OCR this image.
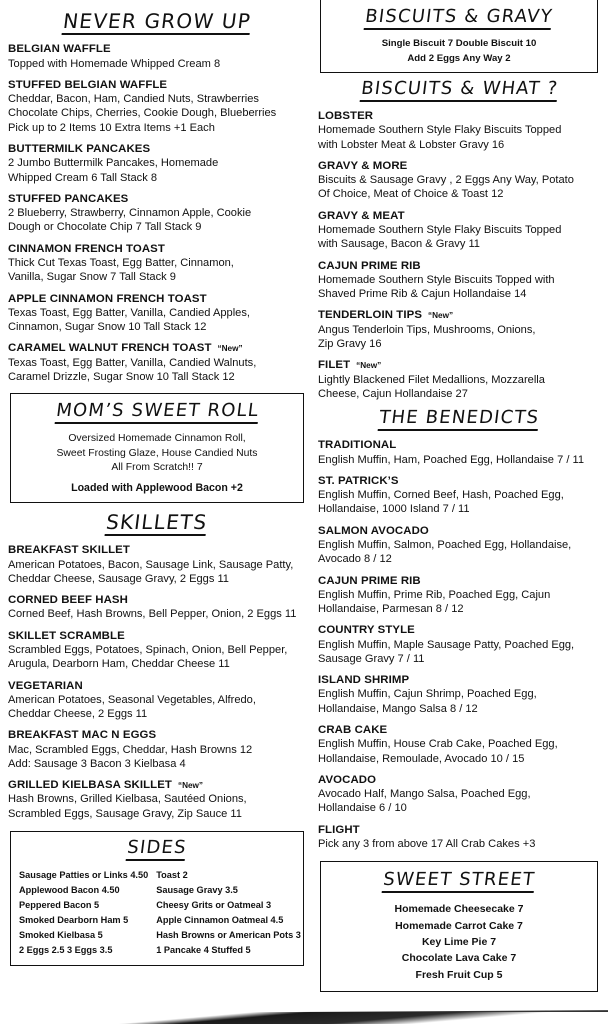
NEVER GROW UP
BELGIAN WAFFLE
Topped with Homemade Whipped Cream 8
STUFFED BELGIAN WAFFLE
Cheddar, Bacon, Ham, Candied Nuts, Strawberries
Chocolate Chips, Cherries, Cookie Dough, Blueberries
Pick up to 2 Items 10 Extra Items +1 Each
BUTTERMILK PANCAKES
2 Jumbo Buttermilk Pancakes, Homemade
Whipped Cream 6 Tall Stack 8
STUFFED PANCAKES
2 Blueberry, Strawberry, Cinnamon Apple, Cookie
Dough or Chocolate Chip 7 Tall Stack 9
CINNAMON FRENCH TOAST
Thick Cut Texas Toast, Egg Batter, Cinnamon,
Vanilla, Sugar Snow 7 Tall Stack 9
APPLE CINNAMON FRENCH TOAST
Texas Toast, Egg Batter, Vanilla, Candied Apples,
Cinnamon, Sugar Snow 10 Tall Stack 12
CARAMEL WALNUT FRENCH TOAST “New”
Texas Toast, Egg Batter, Vanilla, Candied Walnuts,
Caramel Drizzle, Sugar Snow 10 Tall Stack 12
MOM’S SWEET ROLL
Oversized Homemade Cinnamon Roll,
Sweet Frosting Glaze, House Candied Nuts
All From Scratch!! 7
Loaded with Applewood Bacon +2
SKILLETS
BREAKFAST SKILLET
American Potatoes, Bacon, Sausage Link, Sausage Patty,
Cheddar Cheese, Sausage Gravy, 2 Eggs 11
CORNED BEEF HASH
Corned Beef, Hash Browns, Bell Pepper, Onion, 2 Eggs 11
SKILLET SCRAMBLE
Scrambled Eggs, Potatoes, Spinach, Onion, Bell Pepper,
Arugula, Dearborn Ham, Cheddar Cheese 11
VEGETARIAN
American Potatoes, Seasonal Vegetables, Alfredo,
Cheddar Cheese, 2 Eggs 11
BREAKFAST MAC N EGGS
Mac, Scrambled Eggs, Cheddar, Hash Browns 12
Add: Sausage 3 Bacon 3 Kielbasa 4
GRILLED KIELBASA SKILLET “New”
Hash Browns, Grilled Kielbasa, Sautéed Onions,
Scrambled Eggs, Sausage Gravy, Zip Sauce 11
SIDES
Sausage Patties or Links 4.50
Applewood Bacon 4.50
Peppered Bacon 5
Smoked Dearborn Ham 5
Smoked Kielbasa 5
2 Eggs 2.5 3 Eggs 3.5
Toast 2
Sausage Gravy 3.5
Cheesy Grits or Oatmeal 3
Apple Cinnamon Oatmeal 4.5
Hash Browns or American Pots 3
1 Pancake 4 Stuffed 5
BISCUITS & GRAVY
Single Biscuit 7 Double Biscuit 10
Add 2 Eggs Any Way 2
BISCUITS & WHAT ?
LOBSTER
Homemade Southern Style Flaky Biscuits Topped
with Lobster Meat & Lobster Gravy 16
GRAVY & MORE
Biscuits & Sausage Gravy , 2 Eggs Any Way, Potato
Of Choice, Meat of Choice & Toast 12
GRAVY & MEAT
Homemade Southern Style Flaky Biscuits Topped
with Sausage, Bacon & Gravy 11
CAJUN PRIME RIB
Homemade Southern Style Biscuits Topped with
Shaved Prime Rib & Cajun Hollandaise 14
TENDERLOIN TIPS “New”
Angus Tenderloin Tips, Mushrooms, Onions,
Zip Gravy 16
FILET “New”
Lightly Blackened Filet Medallions, Mozzarella
Cheese, Cajun Hollandaise 27
THE BENEDICTS
TRADITIONAL
English Muffin, Ham, Poached Egg, Hollandaise 7 / 11
ST. PATRICK’S
English Muffin, Corned Beef, Hash, Poached Egg,
Hollandaise, 1000 Island 7 / 11
SALMON AVOCADO
English Muffin, Salmon, Poached Egg, Hollandaise,
Avocado 8 / 12
CAJUN PRIME RIB
English Muffin, Prime Rib, Poached Egg, Cajun
Hollandaise, Parmesan 8 / 12
COUNTRY STYLE
English Muffin, Maple Sausage Patty, Poached Egg,
Sausage Gravy 7 / 11
ISLAND SHRIMP
English Muffin, Cajun Shrimp, Poached Egg,
Hollandaise, Mango Salsa 8 / 12
CRAB CAKE
English Muffin, House Crab Cake, Poached Egg,
Hollandaise, Remoulade, Avocado 10 / 15
AVOCADO
Avocado Half, Mango Salsa, Poached Egg,
Hollandaise 6 / 10
FLIGHT
Pick any 3 from above 17 All Crab Cakes +3
SWEET STREET
Homemade Cheesecake 7
Homemade Carrot Cake 7
Key Lime Pie 7
Chocolate Lava Cake 7
Fresh Fruit Cup 5
